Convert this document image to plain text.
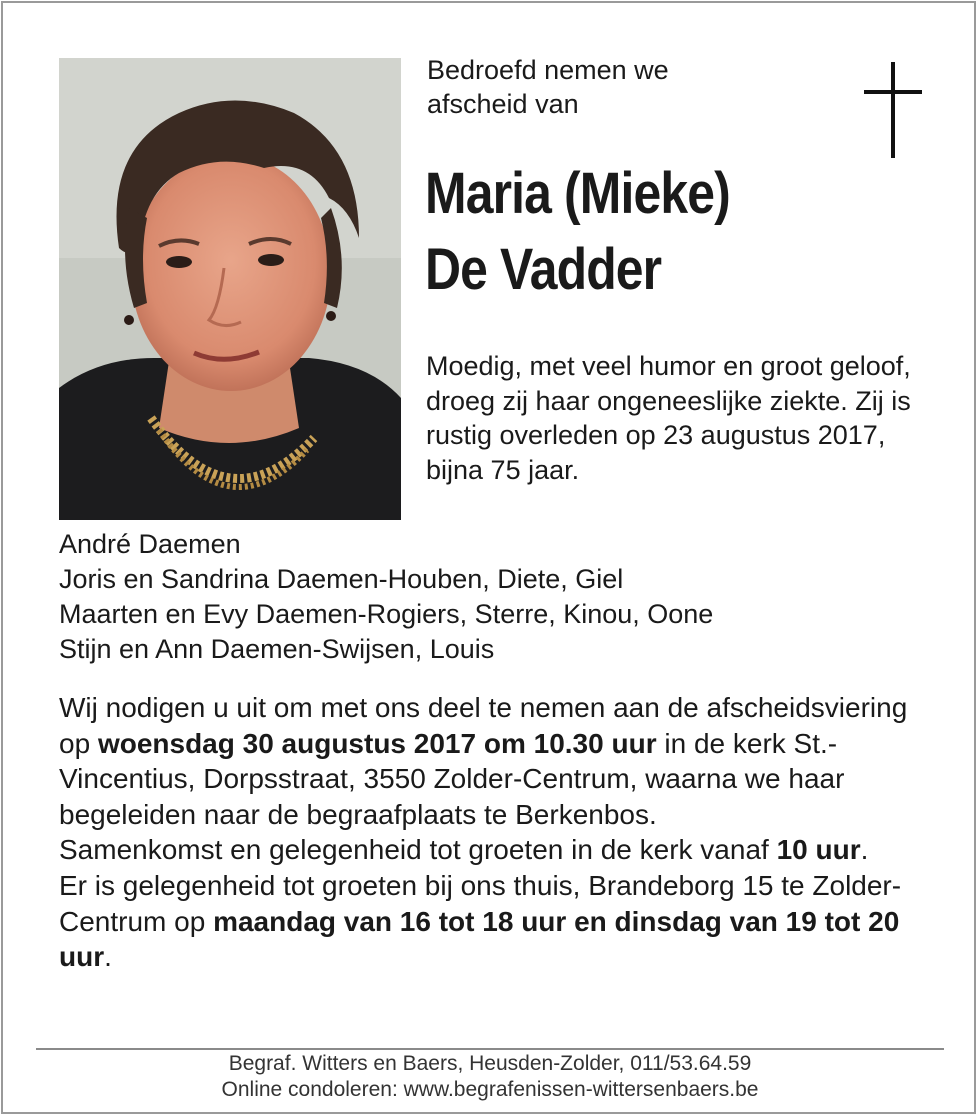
Bedroefd nemen we
afscheid van
Maria (Mieke)
De Vadder
Moedig, met veel humor en groot geloof, droeg zij haar ongeneeslijke ziekte. Zij is rustig overleden op 23 augustus 2017, bijna 75 jaar.
André Daemen
Joris en Sandrina Daemen-Houben, Diete, Giel
Maarten en Evy Daemen-Rogiers, Sterre, Kinou, Oone
Stijn en Ann Daemen-Swijsen, Louis
Wij nodigen u uit om met ons deel te nemen aan de afscheidsviering op woensdag 30 augustus 2017 om 10.30 uur in de kerk St.-Vincentius, Dorpsstraat, 3550 Zolder-Centrum, waarna we haar begeleiden naar de begraafplaats te Berkenbos.
Samenkomst en gelegenheid tot groeten in de kerk vanaf 10 uur.
Er is gelegenheid tot groeten bij ons thuis, Brandeborg 15 te Zolder-Centrum op maandag van 16 tot 18 uur en dinsdag van 19 tot 20 uur.
Begraf. Witters en Baers, Heusden-Zolder, 011/53.64.59
Online condoleren: www.begrafenissen-wittersenbaers.be
